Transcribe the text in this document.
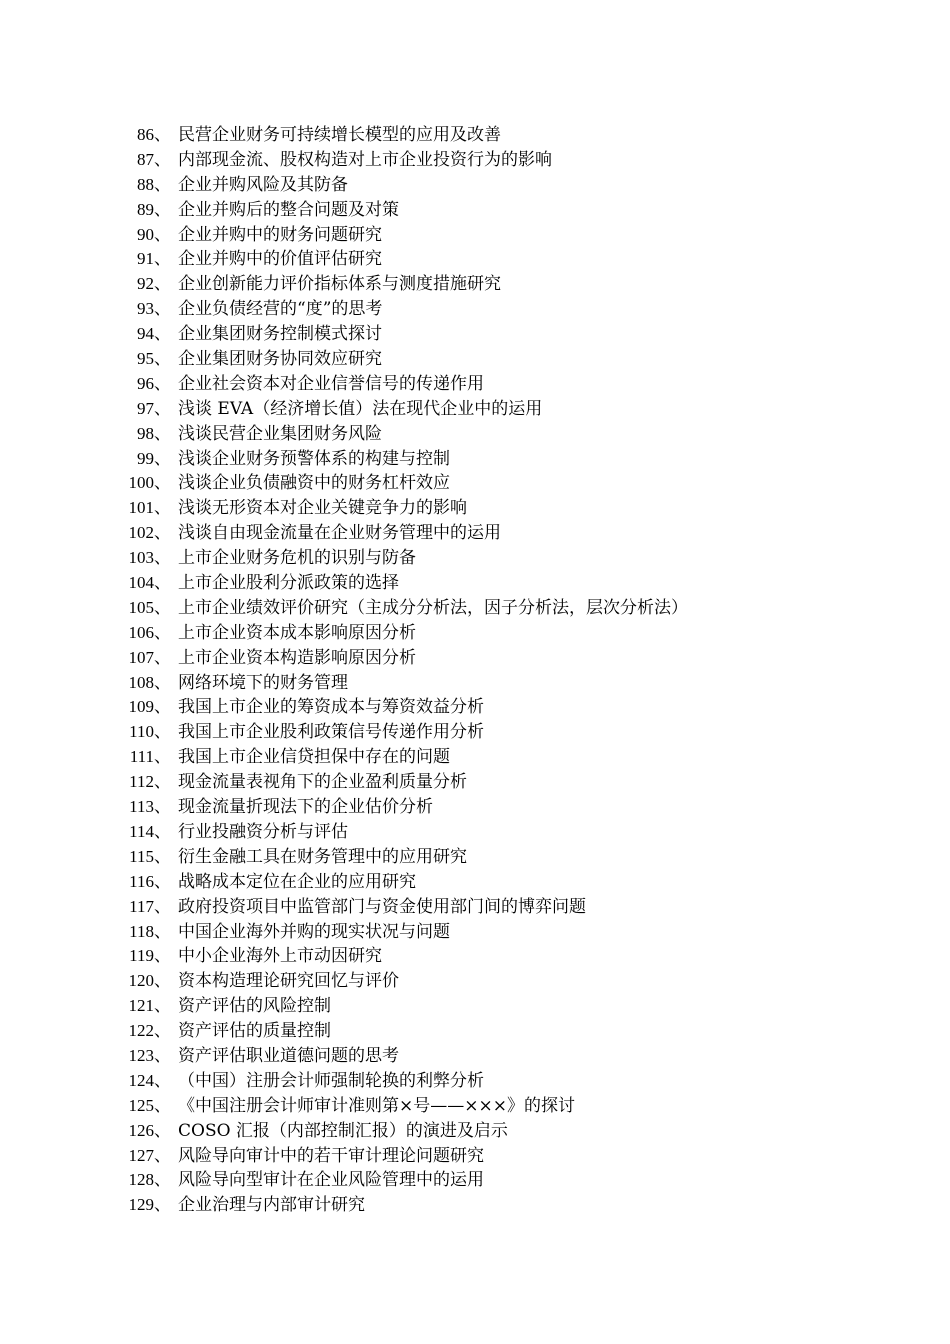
86 、 民营企业财务可持续增长模型的应用及改善
87 、 内部现金流、股权构造对上市企业投资行为的影响
88 、 企业并购风险及其防备
89 、 企业并购后的整合问题及对策
90 、 企业并购中的财务问题研究
91 、 企业并购中的价值评估研究
92 、 企业创新能力评价指标体系与测度措施研究
93 、 企业负债经营的“度”的思考
94 、 企业集团财务控制模式探讨
95 、 企业集团财务协同效应研究
96 、 企业社会资本对企业信誉信号的传递作用
97 、 浅谈 EVA（经济增长值）法在现代企业中的运用
98 、 浅谈民营企业集团财务风险
99 、 浅谈企业财务预警体系的构建与控制
100 、 浅谈企业负债融资中的财务杠杆效应
101 、 浅谈无形资本对企业关键竞争力的影响
102 、 浅谈自由现金流量在企业财务管理中的运用
103 、 上市企业财务危机的识别与防备
104 、 上市企业股利分派政策的选择
105 、 上市企业绩效评价研究（主成分分析法，因子分析法，层次分析法）
106 、 上市企业资本成本影响原因分析
107 、 上市企业资本构造影响原因分析
108 、 网络环境下的财务管理
109 、 我国上市企业的筹资成本与筹资效益分析
110 、 我国上市企业股利政策信号传递作用分析
111 、 我国上市企业信贷担保中存在的问题
112 、 现金流量表视角下的企业盈利质量分析
113 、 现金流量折现法下的企业估价分析
114 、 行业投融资分析与评估
115 、 衍生金融工具在财务管理中的应用研究
116 、 战略成本定位在企业的应用研究
117 、 政府投资项目中监管部门与资金使用部门间的博弈问题
118 、 中国企业海外并购的现实状况与问题
119 、 中小企业海外上市动因研究
120 、 资本构造理论研究回忆与评价
121 、 资产评估的风险控制
122 、 资产评估的质量控制
123 、 资产评估职业道德问题的思考
124 、 （中国）注册会计师强制轮换的利弊分析
125 、 《中国注册会计师审计准则第×号——×××》的探讨
126 、 COSO 汇报（内部控制汇报）的演进及启示
127 、 风险导向审计中的若干审计理论问题研究
128 、 风险导向型审计在企业风险管理中的运用
129 、 企业治理与内部审计研究
